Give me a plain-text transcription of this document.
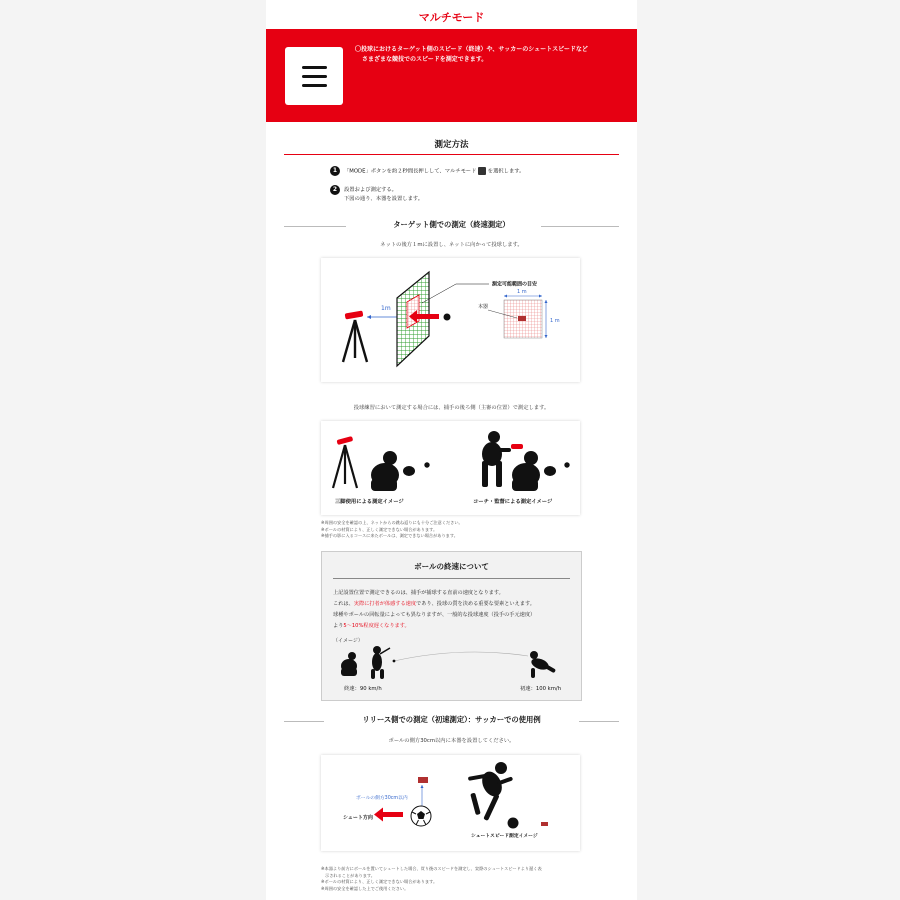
マルチモード
〇投球におけるターゲット側のスピード（終速）や、サッカーのシュートスピードなど
さまざまな競技でのスピードを測定できます。
測定方法
1	「MODE」ボタンを約２秒間長押しして、マルチモード を選択します。
2	設置および測定する。
下図の通り、本器を設置します。
ターゲット側での測定（終速測定）
ネットの後方１mに設置し、ネットに向かって投球します。
1m
測定可能範囲の目安
1 m
1 m
本器
投球練習において測定する場合には、捕手の後ろ側（主審の位置）で測定します。
三脚使用による測定イメージ	コーチ・監督による測定イメージ
※周囲の安全を確認の上、ネットからの跳ね返りにも十分ご注意ください。
※ボールの材質により、正しく測定できない場合があります。
※捕手の影に入るコースに来たボールは、測定できない場合があります。
ボールの終速について
上記設置位置で測定できるのは、捕手が捕球する直前の速度となります。
これは、実際に打者が体感する速度であり、投球の質を決める重要な要素といえます。
球種やボールの回転量によっても異なりますが、一般的な投球速度（投手の手元速度）
より5～10%程度遅くなります。
（イメージ）
終速：90 km/h	初速：100 km/h
リリース側での測定（初速測定）：サッカーでの使用例
ボールの側方30cm以内に本器を設置してください。
ボールの側方30cm以内
シュート方向
シュートスピード測定イメージ
※本器より前方にボールを置いてシュートした場合、買り後のスピードを測定し、実際のシュートスピードより遅く表
示されることがあります。
※ボールの材質により、正しく測定できない場合があります。
※周囲の安全を確認した上でご使用ください。
